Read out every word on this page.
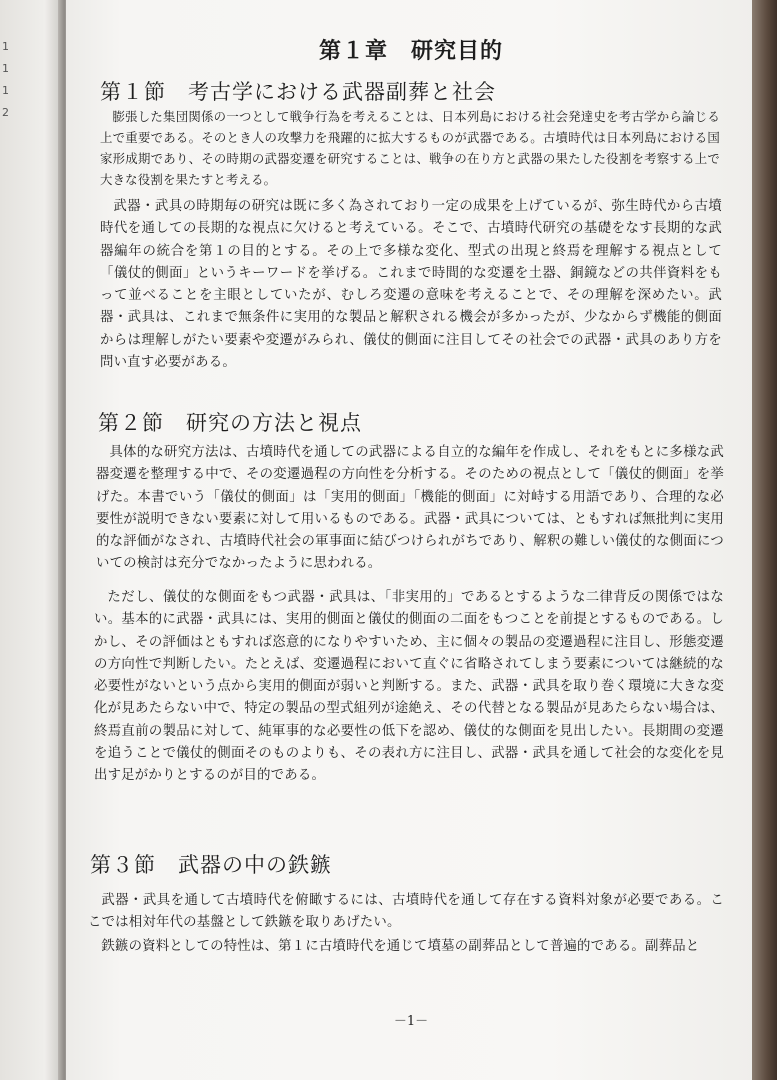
1
1
1
2
第１章　研究目的
第１節　考古学における武器副葬と社会

膨張した集団関係の一つとして戦争行為を考えることは、日本列島における社会発達史を考古学から論じる上で重要である。そのとき人の攻撃力を飛躍的に拡大するものが武器である。古墳時代は日本列島における国家形成期であり、その時期の武器変遷を研究することは、戦争の在り方と武器の果たした役割を考察する上で大きな役割を果たすと考える。

武器・武具の時期毎の研究は既に多く為されており一定の成果を上げているが、弥生時代から古墳時代を通しての長期的な視点に欠けると考えている。そこで、古墳時代研究の基礎をなす長期的な武器編年の統合を第１の目的とする。その上で多様な変化、型式の出現と終焉を理解する視点として「儀仗的側面」というキーワードを挙げる。これまで時間的な変遷を土器、銅鏡などの共伴資料をもって並べることを主眼としていたが、むしろ変遷の意味を考えることで、その理解を深めたい。武器・武具は、これまで無条件に実用的な製品と解釈される機会が多かったが、少なからず機能的側面からは理解しがたい要素や変遷がみられ、儀仗的側面に注目してその社会での武器・武具のあり方を問い直す必要がある。

第２節　研究の方法と視点

具体的な研究方法は、古墳時代を通しての武器による自立的な編年を作成し、それをもとに多様な武器変遷を整理する中で、その変遷過程の方向性を分析する。そのための視点として「儀仗的側面」を挙げた。本書でいう「儀仗的側面」は「実用的側面」「機能的側面」に対峙する用語であり、合理的な必要性が説明できない要素に対して用いるものである。武器・武具については、ともすれば無批判に実用的な評価がなされ、古墳時代社会の軍事面に結びつけられがちであり、解釈の難しい儀仗的な側面についての検討は充分でなかったように思われる。

ただし、儀仗的な側面をもつ武器・武具は、「非実用的」であるとするような二律背反の関係ではない。基本的に武器・武具には、実用的側面と儀仗的側面の二面をもつことを前提とするものである。しかし、その評価はともすれば恣意的になりやすいため、主に個々の製品の変遷過程に注目し、形態変遷の方向性で判断したい。たとえば、変遷過程において直ぐに省略されてしまう要素については継続的な必要性がないという点から実用的側面が弱いと判断する。また、武器・武具を取り巻く環境に大きな変化が見あたらない中で、特定の製品の型式組列が途絶え、その代替となる製品が見あたらない場合は、終焉直前の製品に対して、純軍事的な必要性の低下を認め、儀仗的な側面を見出したい。長期間の変遷を追うことで儀仗的側面そのものよりも、その表れ方に注目し、武器・武具を通して社会的な変化を見出す足がかりとするのが目的である。

第３節　武器の中の鉄鏃

武器・武具を通して古墳時代を俯瞰するには、古墳時代を通して存在する資料対象が必要である。ここでは相対年代の基盤として鉄鏃を取りあげたい。

鉄鏃の資料としての特性は、第１に古墳時代を通じて墳墓の副葬品として普遍的である。副葬品と

－1－
